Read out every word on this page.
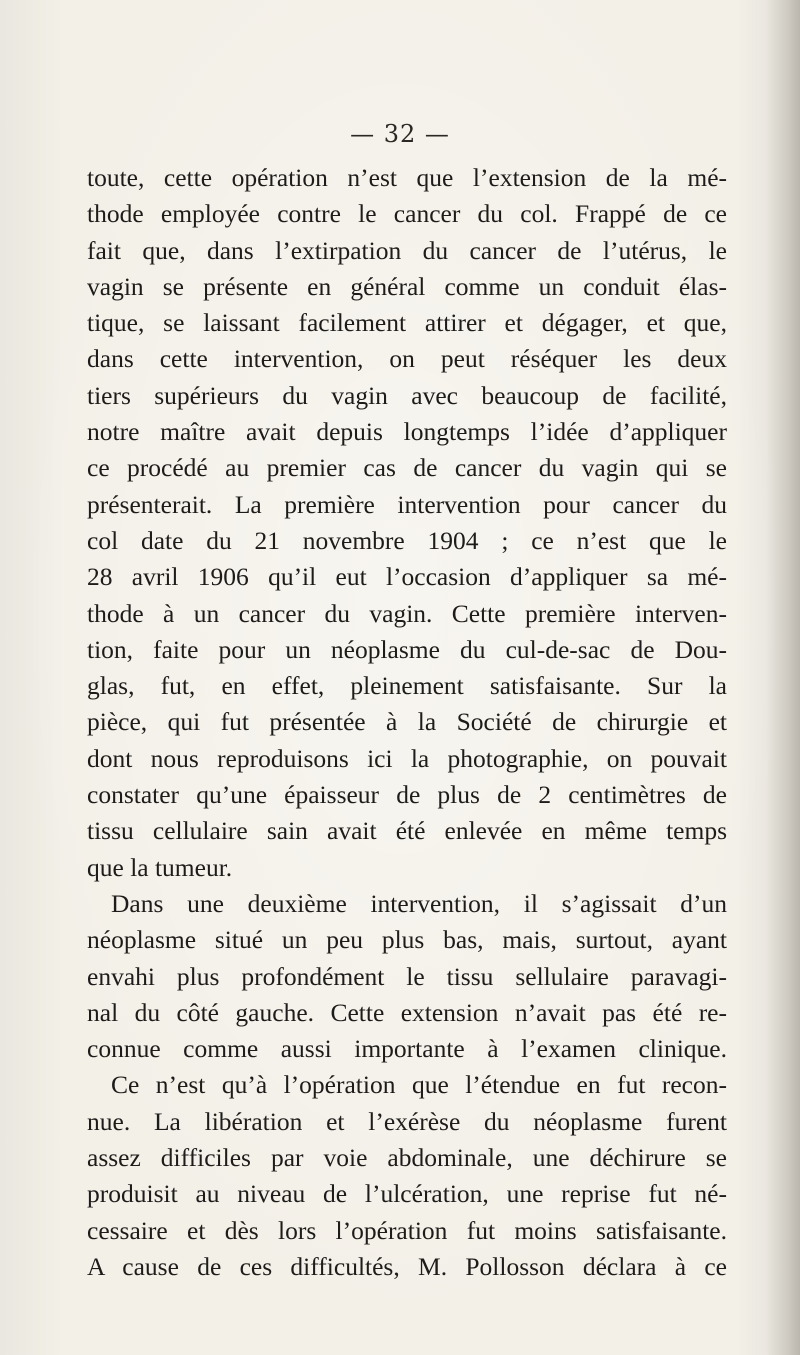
— 32 —
toute, cette opération n’est que l’extension de la mé-
thode employée contre le cancer du col. Frappé de ce
fait que, dans l’extirpation du cancer de l’utérus, le
vagin se présente en général comme un conduit élas-
tique, se laissant facilement attirer et dégager, et que,
dans cette intervention, on peut réséquer les deux
tiers supérieurs du vagin avec beaucoup de facilité,
notre maître avait depuis longtemps l’idée d’appliquer
ce procédé au premier cas de cancer du vagin qui se
présenterait. La première intervention pour cancer du
col date du 21 novembre 1904 ; ce n’est que le
28 avril 1906 qu’il eut l’occasion d’appliquer sa mé-
thode à un cancer du vagin. Cette première interven-
tion, faite pour un néoplasme du cul-de-sac de Dou-
glas, fut, en effet, pleinement satisfaisante. Sur la
pièce, qui fut présentée à la Société de chirurgie et
dont nous reproduisons ici la photographie, on pouvait
constater qu’une épaisseur de plus de 2 centimètres de
tissu cellulaire sain avait été enlevée en même temps
que la tumeur.
Dans une deuxième intervention, il s’agissait d’un
néoplasme situé un peu plus bas, mais, surtout, ayant
envahi plus profondément le tissu sellulaire paravagi-
nal du côté gauche. Cette extension n’avait pas été re-
connue comme aussi importante à l’examen clinique.
Ce n’est qu’à l’opération que l’étendue en fut recon-
nue. La libération et l’exérèse du néoplasme furent
assez difficiles par voie abdominale, une déchirure se
produisit au niveau de l’ulcération, une reprise fut né-
cessaire et dès lors l’opération fut moins satisfaisante.
A cause de ces difficultés, M. Pollosson déclara à ce
